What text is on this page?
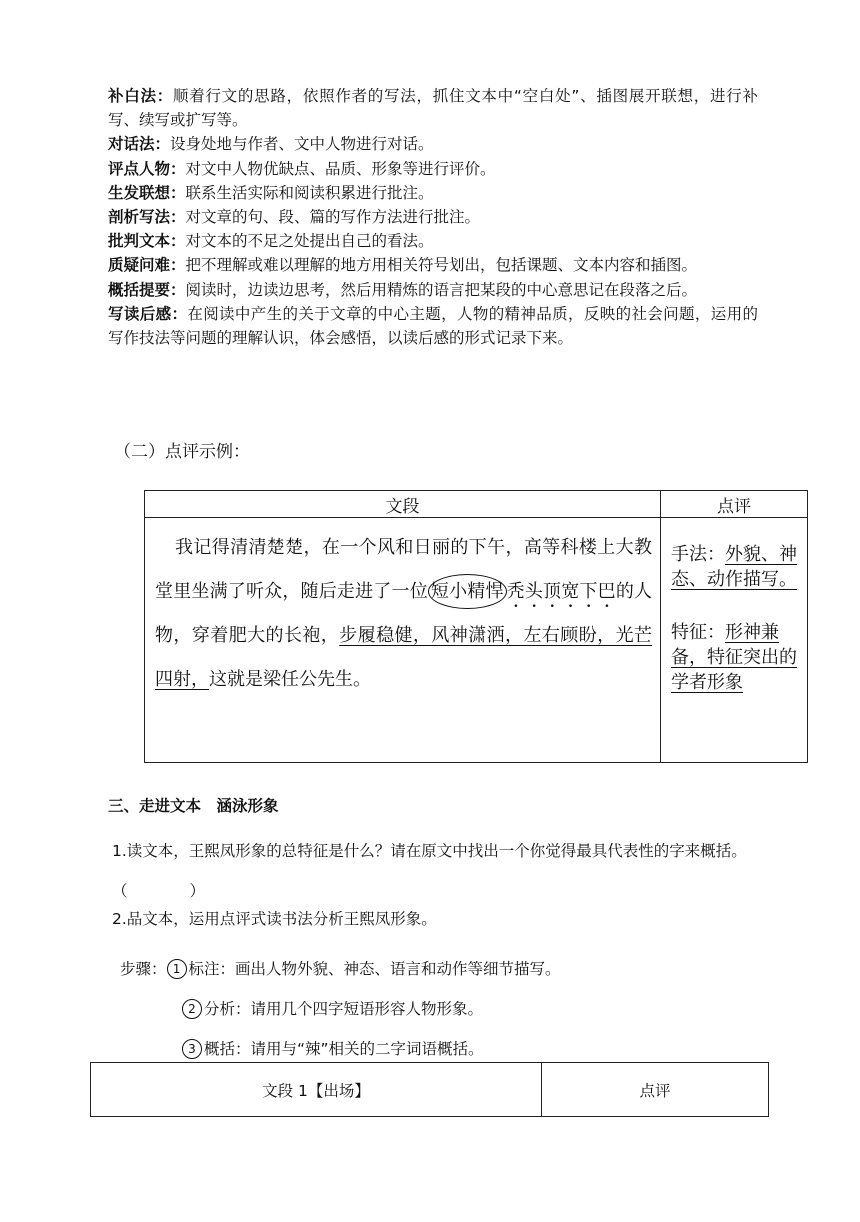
补白法：顺着行文的思路，依照作者的写法，抓住文本中“空白处”、插图展开联想，进行补写、续写或扩写等。

对话法：设身处地与作者、文中人物进行对话。

评点人物：对文中人物优缺点、品质、形象等进行评价。

生发联想：联系生活实际和阅读积累进行批注。

剖析写法：对文章的句、段、篇的写作方法进行批注。

批判文本：对文本的不足之处提出自己的看法。

质疑问难：把不理解或难以理解的地方用相关符号划出，包括课题、文本内容和插图。

概括提要：阅读时，边读边思考，然后用精炼的语言把某段的中心意思记在段落之后。

写读后感：在阅读中产生的关于文章的中心主题，人物的精神品质，反映的社会问题，运用的写作技法等问题的理解认识，体会感悟，以读后感的形式记录下来。

（二）点评示例：
文段	点评
我记得清清楚楚，在一个风和日丽的下午，高等科楼上大教堂里坐满了听众，随后走进了一位 短小精悍 秃头顶宽下巴的人物，穿着肥大的长袍，步履稳健，风神潇洒，左右顾盼，光芒四射，这就是梁任公先生。	手法：外貌、神态、动作描写。

特征：形神兼备，特征突出的学者形象

三、走进文本　涵泳形象

1.读文本，王熙凤形象的总特征是什么？请在原文中找出一个你觉得最具代表性的字来概括。（　　　　）

2.品文本，运用点评式读书法分析王熙凤形象。

步骤： 1 标注：画出人物外貌、神态、语言和动作等细节描写。

2 分析：请用几个四字短语形容人物形象。

3 概括：请用与“辣”相关的二字词语概括。

文段 1【出场】	点评
